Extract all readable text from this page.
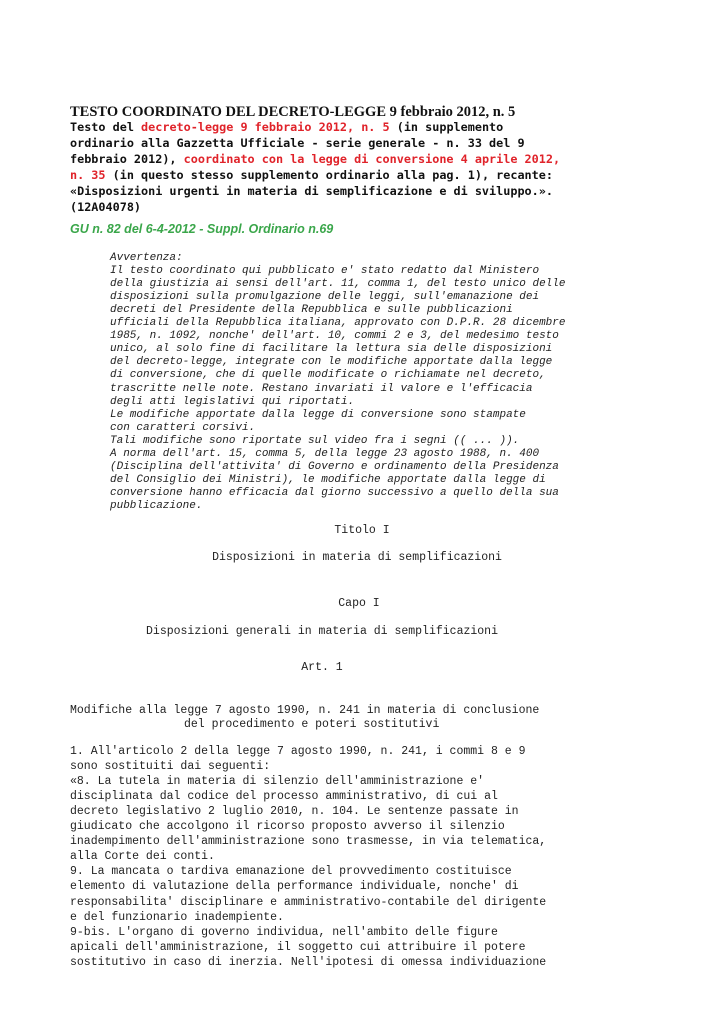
TESTO COORDINATO DEL DECRETO-LEGGE 9 febbraio 2012, n. 5
Testo del decreto-legge 9 febbraio 2012, n. 5 (in supplemento
ordinario alla Gazzetta Ufficiale - serie generale - n. 33 del 9
febbraio 2012), coordinato con la legge di conversione 4 aprile 2012,
n. 35 (in questo stesso supplemento ordinario alla pag. 1), recante:
«Disposizioni urgenti in materia di semplificazione e di sviluppo.».
(12A04078)
GU n. 82 del 6-4-2012 - Suppl. Ordinario n.69
Avvertenza:
Il testo coordinato qui pubblicato e' stato redatto dal Ministero
della giustizia ai sensi dell'art. 11, comma 1, del testo unico delle
disposizioni sulla promulgazione delle leggi, sull'emanazione dei
decreti del Presidente della Repubblica e sulle pubblicazioni
ufficiali della Repubblica italiana, approvato con D.P.R. 28 dicembre
1985, n. 1092, nonche' dell'art. 10, commi 2 e 3, del medesimo testo
unico, al solo fine di facilitare la lettura sia delle disposizioni
del decreto-legge, integrate con le modifiche apportate dalla legge
di conversione, che di quelle modificate o richiamate nel decreto,
trascritte nelle note. Restano invariati il valore e l'efficacia
degli atti legislativi qui riportati.
Le modifiche apportate dalla legge di conversione sono stampate
con caratteri corsivi.
Tali modifiche sono riportate sul video fra i segni (( ... )).
A norma dell'art. 15, comma 5, della legge 23 agosto 1988, n. 400
(Disciplina dell'attivita' di Governo e ordinamento della Presidenza
del Consiglio dei Ministri), le modifiche apportate dalla legge di
conversione hanno efficacia dal giorno successivo a quello della sua
pubblicazione.
Titolo I
Disposizioni in materia di semplificazioni
Capo I
Disposizioni generali in materia di semplificazioni
Art. 1
Modifiche alla legge 7 agosto 1990, n. 241 in materia di conclusione
del procedimento e poteri sostitutivi
1. All'articolo 2 della legge 7 agosto 1990, n. 241, i commi 8 e 9
sono sostituiti dai seguenti:
«8. La tutela in materia di silenzio dell'amministrazione e'
disciplinata dal codice del processo amministrativo, di cui al
decreto legislativo 2 luglio 2010, n. 104. Le sentenze passate in
giudicato che accolgono il ricorso proposto avverso il silenzio
inadempimento dell'amministrazione sono trasmesse, in via telematica,
alla Corte dei conti.
9. La mancata o tardiva emanazione del provvedimento costituisce
elemento di valutazione della performance individuale, nonche' di
responsabilita' disciplinare e amministrativo-contabile del dirigente
e del funzionario inadempiente.
9-bis. L'organo di governo individua, nell'ambito delle figure
apicali dell'amministrazione, il soggetto cui attribuire il potere
sostitutivo in caso di inerzia. Nell'ipotesi di omessa individuazione
